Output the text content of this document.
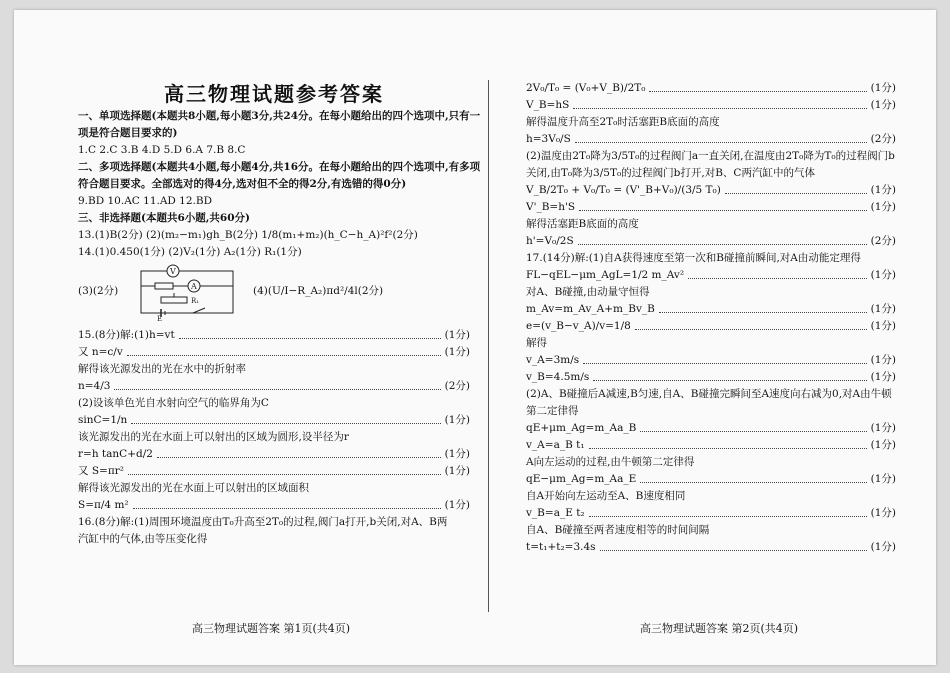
高三物理试题参考答案
一、单项选择题(本题共8小题,每小题3分,共24分。在每小题给出的四个选项中,只有一
项是符合题目要求的)
1.C 2.C 3.B 4.D 5.D 6.A 7.B 8.C
二、多项选择题(本题共4小题,每小题4分,共16分。在每小题给出的四个选项中,有多项
符合题目要求。全部选对的得4分,选对但不全的得2分,有选错的得0分)
9.BD 10.AC 11.AD 12.BD
三、非选择题(本题共6小题,共60分)
13.(1)B(2分) (2)(m₂−m₁)gh_B(2分) 1/8(m₁+m₂)(h_C−h_A)²f²(2分)
14.(1)0.450(1分) (2)V₂(1分) A₂(1分) R₁(1分)
(3)(2分)
V
A
R₁
E
(4)(U/I−R_A₂)πd²/4l(2分)
15.(8分)解:(1)h=vt	(1分)
又 n=c/v	(1分)
解得该光源发出的光在水中的折射率
n=4/3	(2分)
(2)设该单色光自水射向空气的临界角为C
sinC=1/n	(1分)
该光源发出的光在水面上可以射出的区域为圆形,设半径为r
r=h tanC+d/2	(1分)
又 S=πr²	(1分)
解得该光源发出的光在水面上可以射出的区域面积
S=π/4 m²	(1分)
16.(8分)解:(1)周围环境温度由T₀升高至2T₀的过程,阀门a打开,b关闭,对A、B两
汽缸中的气体,由等压变化得
2V₀/T₀ = (V₀+V_B)/2T₀	(1分)
V_B=hS	(1分)
解得温度升高至2T₀时活塞距B底面的高度
h=3V₀/S	(2分)
(2)温度由2T₀降为3/5T₀的过程阀门a一直关闭,在温度由2T₀降为T₀的过程阀门b
关闭,由T₀降为3/5T₀的过程阀门b打开,对B、C两汽缸中的气体
V_B/2T₀ + V₀/T₀ = (V'_B+V₀)/(3/5 T₀)	(1分)
V'_B=h'S	(1分)
解得活塞距B底面的高度
h'=V₀/2S	(2分)
17.(14分)解:(1)自A获得速度至第一次和B碰撞前瞬间,对A由动能定理得
FL−qEL−μm_AgL=1/2 m_Av²	(1分)
对A、B碰撞,由动量守恒得
m_Av=m_Av_A+m_Bv_B	(1分)
e=(v_B−v_A)/v=1/8	(1分)
解得
v_A=3m/s	(1分)
v_B=4.5m/s	(1分)
(2)A、B碰撞后A减速,B匀速,自A、B碰撞完瞬间至A速度向右减为0,对A由牛顿
第二定律得
qE+μm_Ag=m_Aa_B	(1分)
v_A=a_B t₁	(1分)
A向左运动的过程,由牛顿第二定律得
qE−μm_Ag=m_Aa_E	(1分)
自A开始向左运动至A、B速度相同
v_B=a_E t₂	(1分)
自A、B碰撞至两者速度相等的时间间隔
t=t₁+t₂=3.4s	(1分)
高三物理试题答案 第1页(共4页)	高三物理试题答案 第2页(共4页)
